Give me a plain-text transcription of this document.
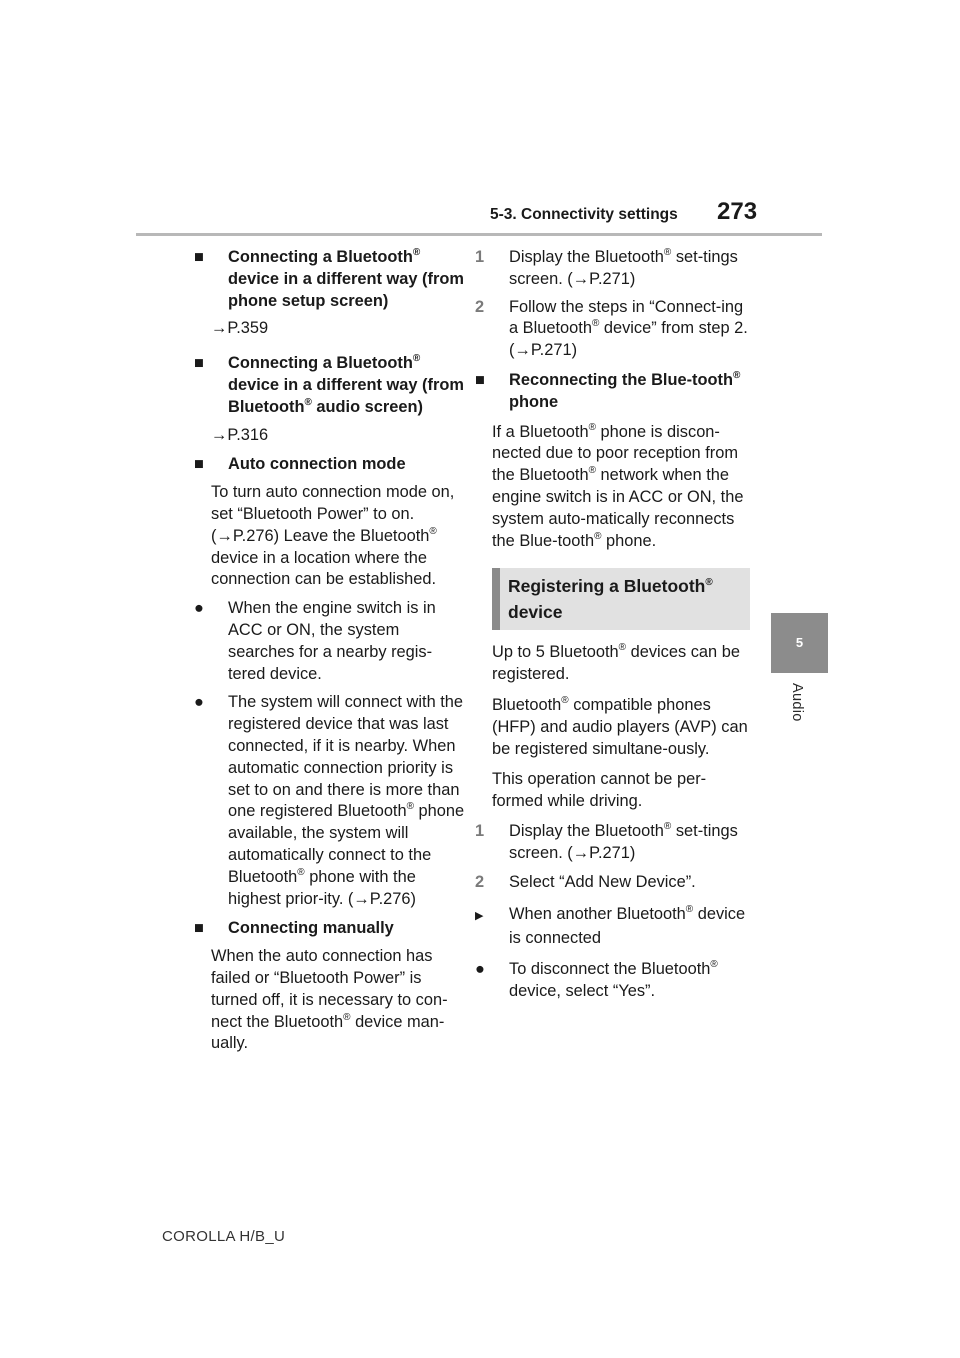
5-3. Connectivity settings 273
5
Audio

■ Connecting a Bluetooth® device in a different way (from phone setup screen)

→P.359

■ Connecting a Bluetooth® device in a different way (from Bluetooth® audio screen)

→P.316

■ Auto connection mode

To turn auto connection mode on, set “Bluetooth Power” to on. (→P.276) Leave the Bluetooth® device in a location where the connection can be established.

● When the engine switch is in ACC or ON, the system searches for a nearby regis-tered device.

● The system will connect with the registered device that was last connected, if it is nearby. When automatic connection priority is set to on and there is more than one registered Bluetooth® phone available, the system will automatically connect to the Bluetooth® phone with the highest prior-ity. (→P.276)

■ Connecting manually

When the auto connection has failed or “Bluetooth Power” is turned off, it is necessary to con-nect the Bluetooth® device man-ually.

1 Display the Bluetooth® set-tings screen. (→P.271)

2 Follow the steps in “Connect-ing a Bluetooth® device” from step 2. (→P.271)

■ Reconnecting the Blue-tooth® phone

If a Bluetooth® phone is discon-nected due to poor reception from the Bluetooth® network when the engine switch is in ACC or ON, the system auto-matically reconnects the Blue-tooth® phone.

Registering a Bluetooth® device

Up to 5 Bluetooth® devices can be registered.

Bluetooth® compatible phones (HFP) and audio players (AVP) can be registered simultane-ously.

This operation cannot be per-formed while driving.

1 Display the Bluetooth® set-tings screen. (→P.271)

2 Select “Add New Device”.

▶ When another Bluetooth® device is connected

● To disconnect the Bluetooth® device, select “Yes”.

COROLLA H/B_U
